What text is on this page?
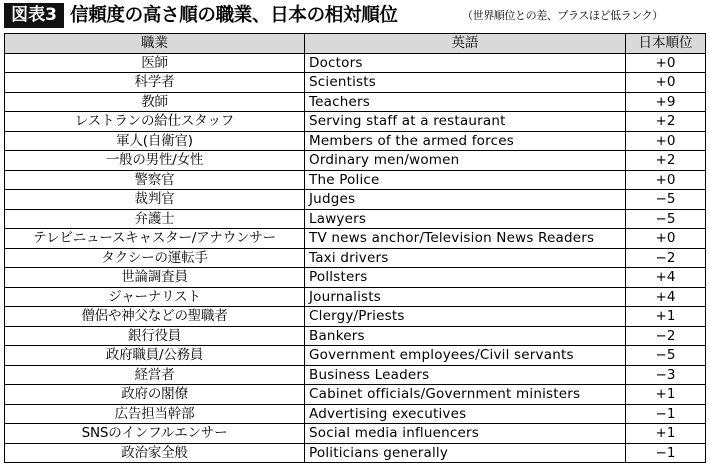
図表3 信頼度の高さ順の職業、日本の相対順位	（世界順位との差、プラスほど低ランク）
職業	英語	日本順位
医師	Doctors	+0
科学者	Scientists	+0
教師	Teachers	+9
レストランの給仕スタッフ	Serving staff at a restaurant	+2
軍人(自衛官)	Members of the armed forces	+0
一般の男性/女性	Ordinary men/women	+2
警察官	The Police	+0
裁判官	Judges	−5
弁護士	Lawyers	−5
テレビニュースキャスター/アナウンサー	TV news anchor/Television News Readers	+0
タクシーの運転手	Taxi drivers	−2
世論調査員	Pollsters	+4
ジャーナリスト	Journalists	+4
僧侶や神父などの聖職者	Clergy/Priests	+1
銀行役員	Bankers	−2
政府職員/公務員	Government employees/Civil servants	−5
経営者	Business Leaders	−3
政府の閣僚	Cabinet officials/Government ministers	+1
広告担当幹部	Advertising executives	−1
SNSのインフルエンサー	Social media influencers	+1
政治家全般	Politicians generally	−1
